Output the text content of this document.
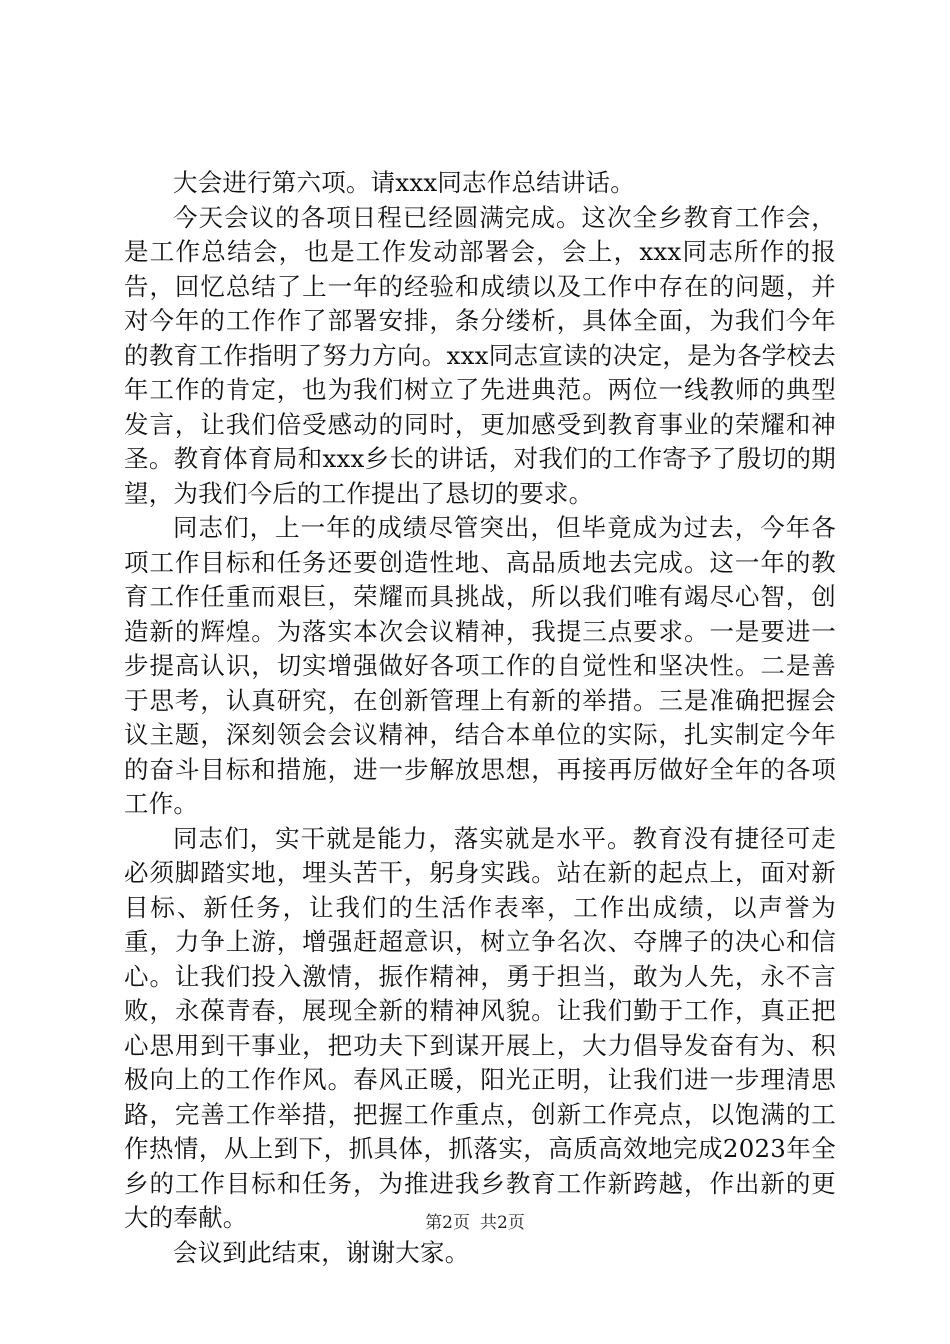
大会进行第六项。请xxx同志作总结讲话。

今天会议的各项日程已经圆满完成。这次全乡教育工作会，是工作总结会，也是工作发动部署会，会上，xxx同志所作的报告，回忆总结了上一年的经验和成绩以及工作中存在的问题，并对今年的工作作了部署安排，条分缕析，具体全面，为我们今年的教育工作指明了努力方向。xxx同志宣读的决定，是为各学校去年工作的肯定，也为我们树立了先进典范。两位一线教师的典型发言，让我们倍受感动的同时，更加感受到教育事业的荣耀和神圣。教育体育局和xxx乡长的讲话，对我们的工作寄予了殷切的期望，为我们今后的工作提出了恳切的要求。

同志们，上一年的成绩尽管突出，但毕竟成为过去，今年各项工作目标和任务还要创造性地、高品质地去完成。这一年的教育工作任重而艰巨，荣耀而具挑战，所以我们唯有竭尽心智，创造新的辉煌。为落实本次会议精神，我提三点要求。一是要进一步提高认识，切实增强做好各项工作的自觉性和坚决性。二是善于思考，认真研究，在创新管理上有新的举措。三是准确把握会议主题，深刻领会会议精神，结合本单位的实际，扎实制定今年的奋斗目标和措施，进一步解放思想，再接再厉做好全年的各项工作。

同志们，实干就是能力，落实就是水平。教育没有捷径可走必须脚踏实地，埋头苦干，躬身实践。站在新的起点上，面对新目标、新任务，让我们的生活作表率，工作出成绩，以声誉为重，力争上游，增强赶超意识，树立争名次、夺牌子的决心和信心。让我们投入激情，振作精神，勇于担当，敢为人先，永不言败，永葆青春，展现全新的精神风貌。让我们勤于工作，真正把心思用到干事业，把功夫下到谋开展上，大力倡导发奋有为、积极向上的工作作风。春风正暖，阳光正明，让我们进一步理清思路，完善工作举措，把握工作重点，创新工作亮点，以饱满的工作热情，从上到下，抓具体，抓落实，高质高效地完成2023年全乡的工作目标和任务，为推进我乡教育工作新跨越，作出新的更大的奉献。

会议到此结束，谢谢大家。

第2页 共2页
